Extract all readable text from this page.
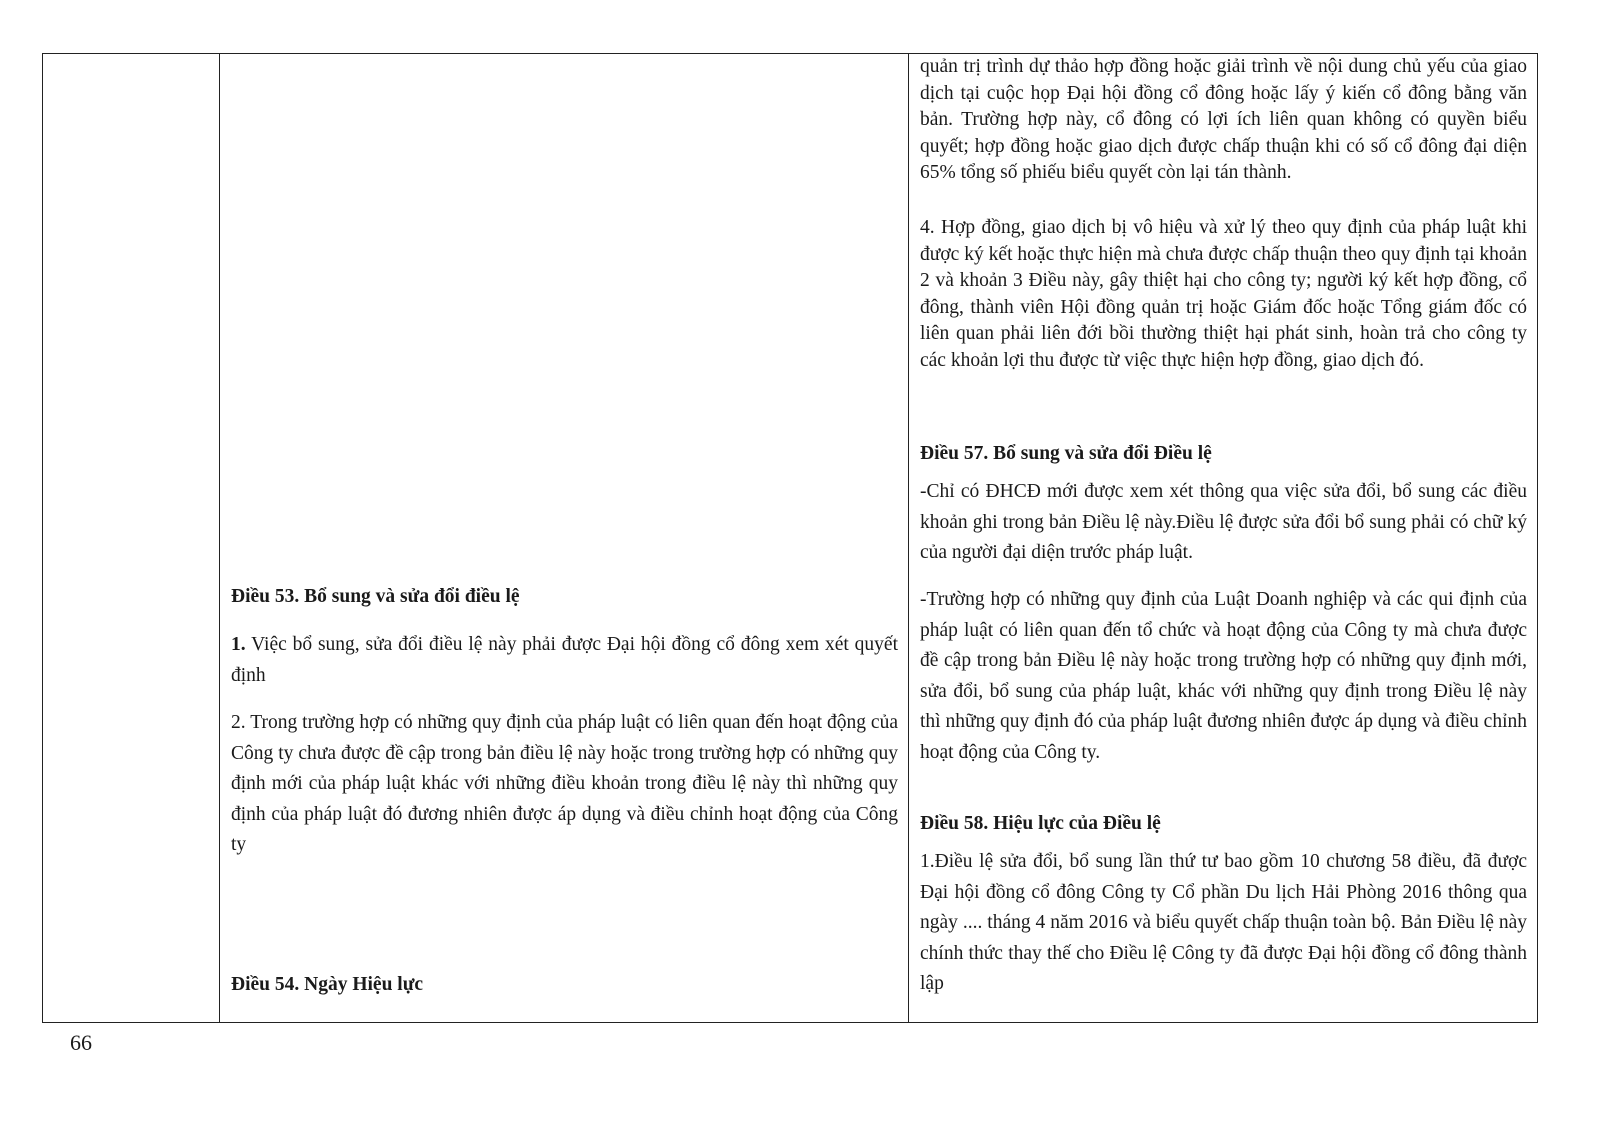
Điều 53. Bổ sung và sửa đổi điều lệ
1. Việc bổ sung, sửa đổi điều lệ này phải được Đại hội đồng cổ đông xem xét quyết định
2. Trong trường hợp có những quy định của pháp luật có liên quan đến hoạt động của Công ty chưa được đề cập trong bản điều lệ này hoặc trong trường hợp có những quy định mới của pháp luật khác với những điều khoản trong điều lệ này thì những quy định của pháp luật đó đương nhiên được áp dụng và điều chỉnh hoạt động của Công ty
Điều 54. Ngày Hiệu lực
quản trị trình dự thảo hợp đồng hoặc giải trình về nội dung chủ yếu của giao dịch tại cuộc họp Đại hội đồng cổ đông hoặc lấy ý kiến cổ đông bằng văn bản. Trường hợp này, cổ đông có lợi ích liên quan không có quyền biểu quyết; hợp đồng hoặc giao dịch được chấp thuận khi có số cổ đông đại diện 65% tổng số phiếu biểu quyết còn lại tán thành.
4. Hợp đồng, giao dịch bị vô hiệu và xử lý theo quy định của pháp luật khi được ký kết hoặc thực hiện mà chưa được chấp thuận theo quy định tại khoản 2 và khoản 3 Điều này, gây thiệt hại cho công ty; người ký kết hợp đồng, cổ đông, thành viên Hội đồng quản trị hoặc Giám đốc hoặc Tổng giám đốc có liên quan phải liên đới bồi thường thiệt hại phát sinh, hoàn trả cho công ty các khoản lợi thu được từ việc thực hiện hợp đồng, giao dịch đó.
Điều 57. Bổ sung và sửa đổi Điều lệ
-Chỉ có ĐHCĐ mới được xem xét thông qua việc sửa đổi, bổ sung các điều khoản ghi trong bản Điều lệ này.Điều lệ được sửa đổi bổ sung phải có chữ ký của người đại diện trước pháp luật.
-Trường hợp có những quy định của Luật Doanh nghiệp và các qui định của pháp luật có liên quan đến tổ chức và hoạt động của Công ty mà chưa được đề cập trong bản Điều lệ này hoặc trong trường hợp có những quy định mới, sửa đổi, bổ sung của pháp luật, khác với những quy định trong Điều lệ này thì những quy định đó của pháp luật đương nhiên được áp dụng và điều chỉnh hoạt động của Công ty.
Điều 58. Hiệu lực của Điều lệ
1.Điều lệ sửa đổi, bổ sung lần thứ tư bao gồm 10 chương 58 điều, đã được Đại hội đồng cổ đông Công ty Cổ phần Du lịch Hải Phòng 2016 thông qua ngày .... tháng 4 năm 2016 và biểu quyết chấp thuận toàn bộ. Bản Điều lệ này chính thức thay thế cho Điều lệ Công ty đã được Đại hội đồng cổ đông thành lập
66
